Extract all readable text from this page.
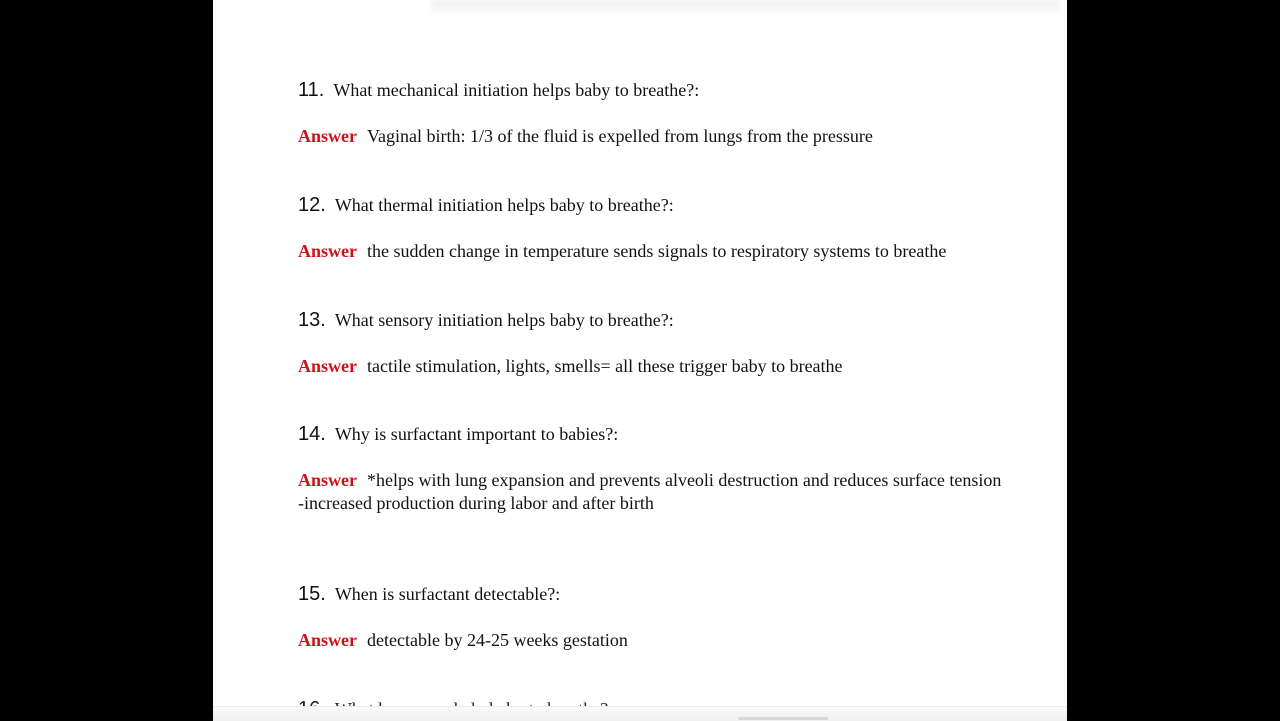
11. What mechanical initiation helps baby to breathe?:
Answer Vaginal birth: 1/3 of the fluid is expelled from lungs from the pressure
12. What thermal initiation helps baby to breathe?:
Answer the sudden change in temperature sends signals to respiratory systems to breathe
13. What sensory initiation helps baby to breathe?:
Answer tactile stimulation, lights, smells= all these trigger baby to breathe
14. Why is surfactant important to babies?:
Answer *helps with lung expansion and prevents alveoli destruction and reduces surface tension
-increased production during labor and after birth
15. When is surfactant detectable?:
Answer detectable by 24-25 weeks gestation
